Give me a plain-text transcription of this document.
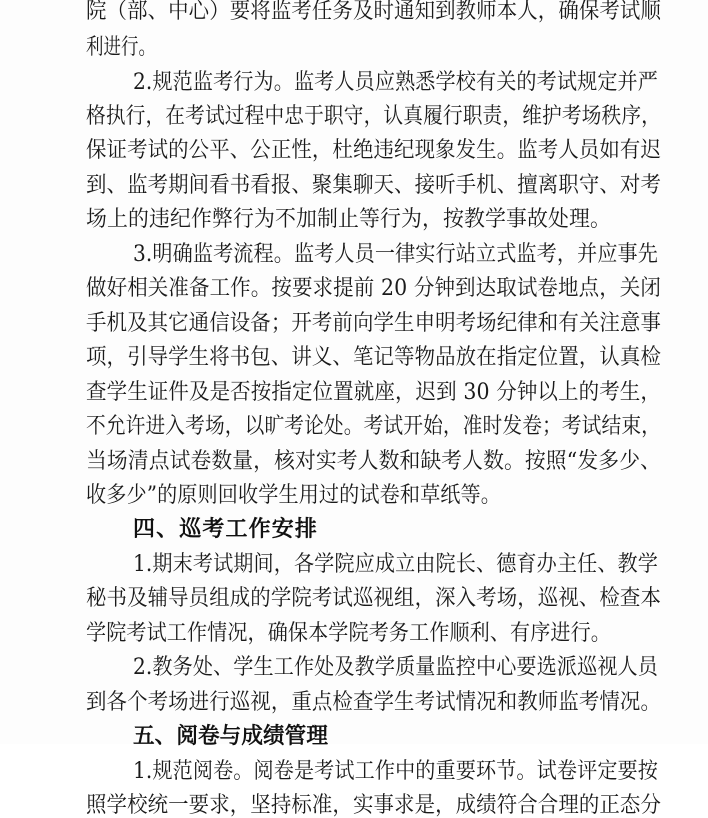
院（部、中心）要将监考任务及时通知到教师本人，确保考试顺
利进行。
2.规范监考行为。监考人员应熟悉学校有关的考试规定并严
格执行，在考试过程中忠于职守，认真履行职责，维护考场秩序，
保证考试的公平、公正性，杜绝违纪现象发生。监考人员如有迟
到、监考期间看书看报、聚集聊天、接听手机、擅离职守、对考
场上的违纪作弊行为不加制止等行为，按教学事故处理。
3.明确监考流程。监考人员一律实行站立式监考，并应事先
做好相关准备工作。按要求提前 20 分钟到达取试卷地点，关闭
手机及其它通信设备；开考前向学生申明考场纪律和有关注意事
项，引导学生将书包、讲义、笔记等物品放在指定位置，认真检
查学生证件及是否按指定位置就座，迟到 30 分钟以上的考生，
不允许进入考场，以旷考论处。考试开始，准时发卷；考试结束，
当场清点试卷数量，核对实考人数和缺考人数。按照“发多少、
收多少”的原则回收学生用过的试卷和草纸等。
四、巡考工作安排
1.期末考试期间，各学院应成立由院长、德育办主任、教学
秘书及辅导员组成的学院考试巡视组，深入考场，巡视、检查本
学院考试工作情况，确保本学院考务工作顺利、有序进行。
2.教务处、学生工作处及教学质量监控中心要选派巡视人员
到各个考场进行巡视，重点检查学生考试情况和教师监考情况。
五、阅卷与成绩管理
1.规范阅卷。阅卷是考试工作中的重要环节。试卷评定要按
照学校统一要求，坚持标准，实事求是，成绩符合合理的正态分
